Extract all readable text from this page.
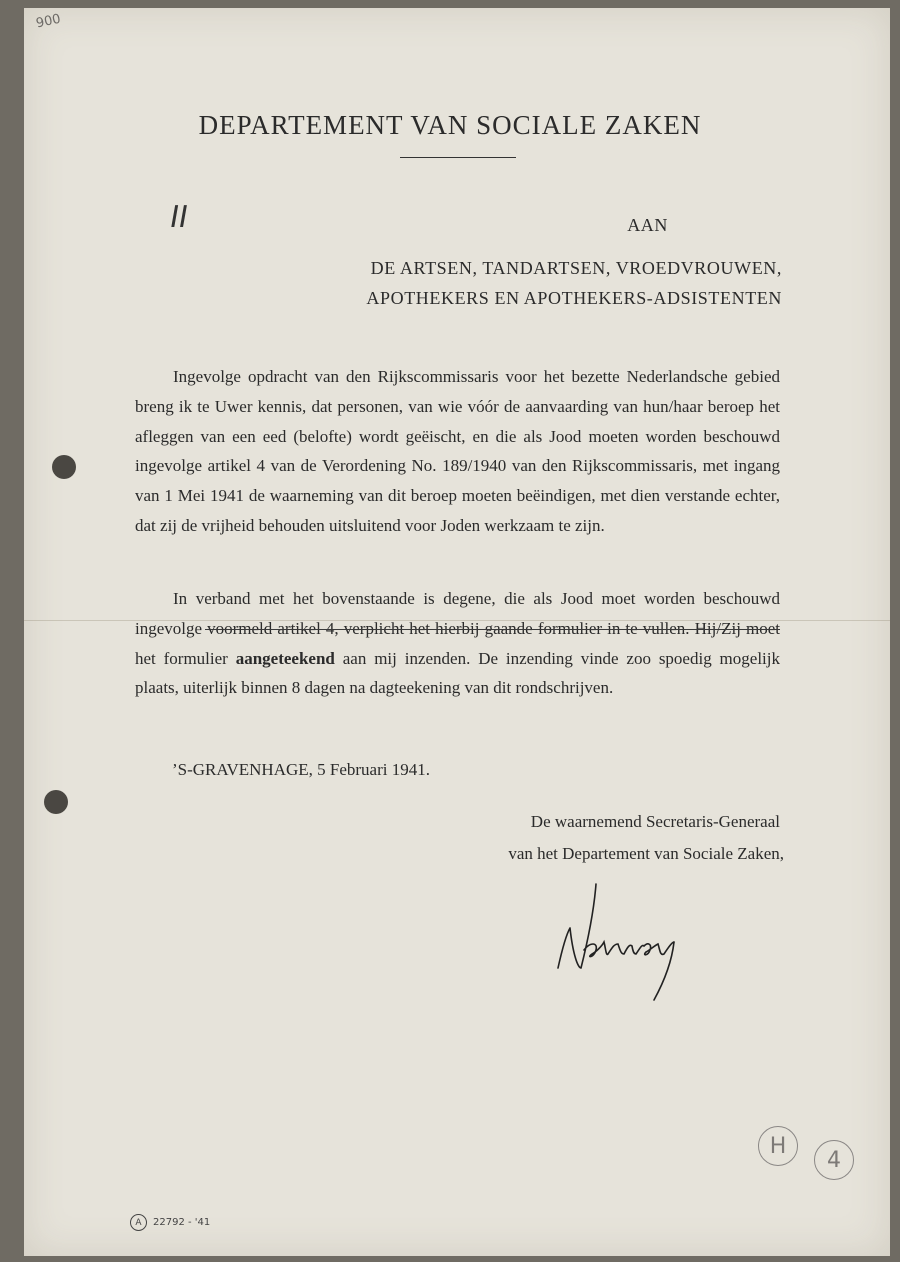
900
DEPARTEMENT VAN SOCIALE ZAKEN
II	AAN
DE ARTSEN, TANDARTSEN, VROEDVROUWEN,
APOTHEKERS EN APOTHEKERS-ADSISTENTEN

Ingevolge opdracht van den Rijkscommissaris voor het bezette Nederlandsche gebied breng ik te Uwer kennis, dat personen, van wie vóór de aanvaarding van hun/haar beroep het afleggen van een eed (belofte) wordt geëischt, en die als Jood moeten worden beschouwd ingevolge artikel 4 van de Verordening No. 189/1940 van den Rijkscommissaris, met ingang van 1 Mei 1941 de waarneming van dit beroep moeten beëindigen, met dien verstande echter, dat zij de vrijheid behouden uitsluitend voor Joden werkzaam te zijn.

In verband met het bovenstaande is degene, die als Jood moet worden beschouwd ingevolge voormeld artikel 4, verplicht het hierbij gaande formulier in te vullen. Hij/Zij moet het formulier aangeteekend aan mij inzenden. De inzending vinde zoo spoedig mogelijk plaats, uiterlijk binnen 8 dagen na dagteekening van dit rondschrijven.

’S-GRAVENHAGE, 5 Februari 1941.
De waarnemend Secretaris-Generaal
van het Departement van Sociale Zaken,
A	22792 - '41
H
4
